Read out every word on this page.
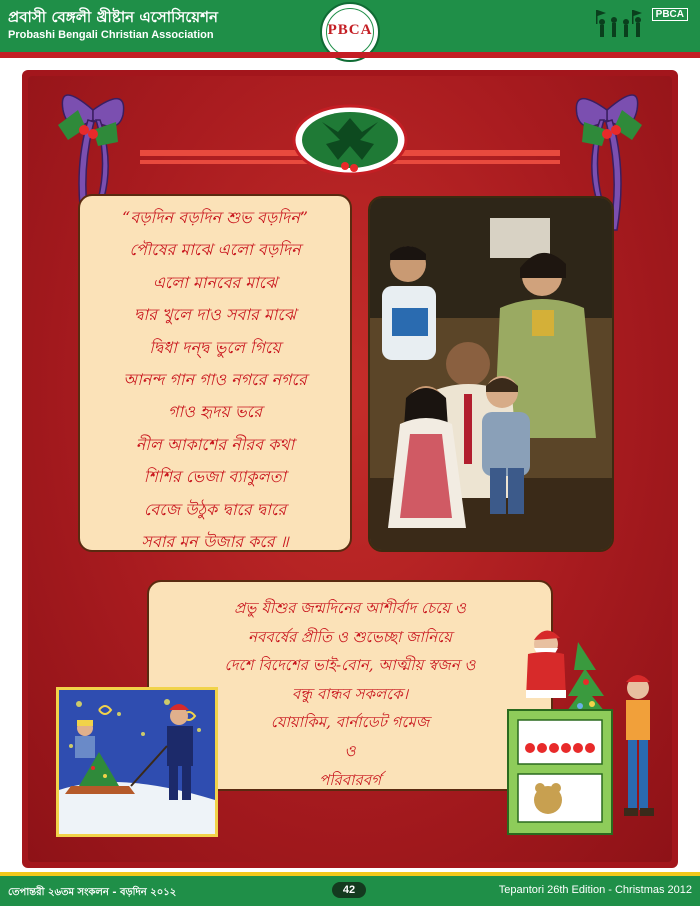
প্রবাসী বেঙ্গলী খ্রীষ্টান এসোসিয়েশন
Probashi Bengali Christian Association	PBCA
PBCA
“বড়দিন বড়দিন শুভ বড়দিন”
পৌষের মাঝে এলো বড়দিন
এলো মানবের মাঝে
দ্বার খুলে দাও সবার মাঝে
দ্বিধা দন্দ্ব ভুলে গিয়ে
আনন্দ গান গাও নগরে নগরে
গাও হৃদয় ভরে
নীল আকাশের নীরব কথা
শিশির ভেজা ব্যাকুলতা
বেজে উঠুক দ্বারে দ্বারে
সবার মন উজার করে ॥
প্রভু যীশুর জন্মদিনের আশীর্বাদ চেয়ে ও
নববর্ষের প্রীতি ও শুভেচ্ছা জানিয়ে
দেশে বিদেশের ভাই-বোন, আত্মীয় স্বজন ও
বন্ধু বান্ধব সকলকে।
যোয়াকিম, বার্নাডেট গমেজ
ও
পরিবারবর্গ
তেপান্তরী ২৬তম সংকলন - বড়দিন ২০১২	42	Tepantori 26th Edition - Christmas 2012
